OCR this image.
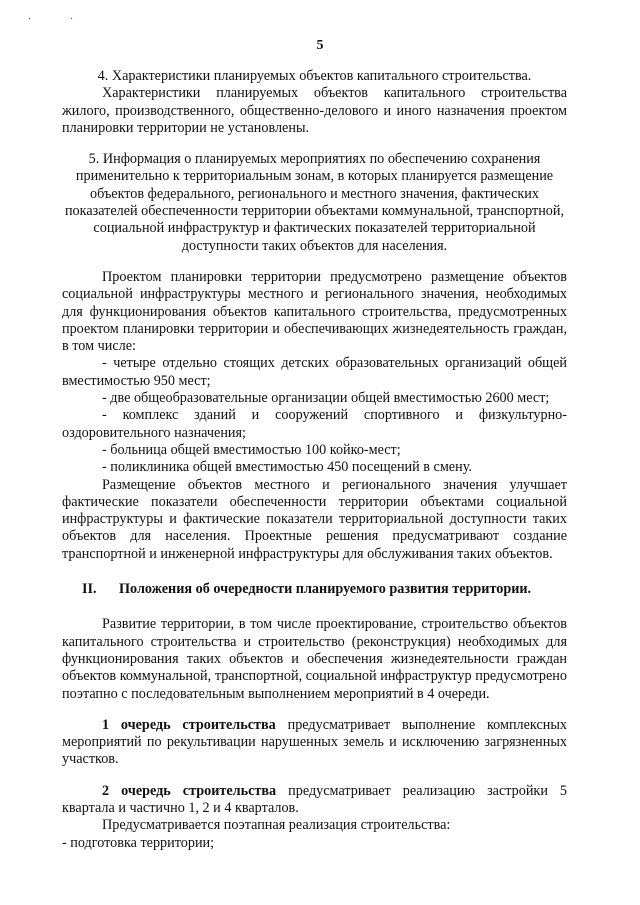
· ·
5

4. Характеристики планируемых объектов капитального строительства.

Характеристики планируемых объектов капитального строительства жилого, производственного, общественно-делового и иного назначения проектом планировки территории не установлены.

5. Информация о планируемых мероприятиях по обеспечению сохранения применительно к территориальным зонам, в которых планируется размещение объектов федерального, регионального и местного значения, фактических показателей обеспеченности территории объектами коммунальной, транспортной, социальной инфраструктур и фактических показателей территориальной доступности таких объектов для населения.

Проектом планировки территории предусмотрено размещение объектов социальной инфраструктуры местного и регионального значения, необходимых для функционирования объектов капитального строительства, предусмотренных проектом планировки территории и обеспечивающих жизнедеятельность граждан, в том числе:

- четыре отдельно стоящих детских образовательных организаций общей вместимостью 950 мест;

- две общеобразовательные организации общей вместимостью 2600 мест;

- комплекс зданий и сооружений спортивного и физкультурно-оздоровительного назначения;

- больница общей вместимостью 100 койко-мест;

- поликлиника общей вместимостью 450 посещений в смену.

Размещение объектов местного и регионального значения улучшает фактические показатели обеспеченности территории объектами социальной инфраструктуры и фактические показатели территориальной доступности таких объектов для населения. Проектные решения предусматривают создание транспортной и инженерной инфраструктуры для обслуживания таких объектов.

II.	Положения об очередности планируемого развития территории.

Развитие территории, в том числе проектирование, строительство объектов капитального строительства и строительство (реконструкция) необходимых для функционирования таких объектов и обеспечения жизнедеятельности граждан объектов коммунальной, транспортной, социальной инфраструктур предусмотрено поэтапно с последовательным выполнением мероприятий в 4 очереди.

1 очередь строительства предусматривает выполнение комплексных мероприятий по рекультивации нарушенных земель и исключению загрязненных участков.

2 очередь строительства предусматривает реализацию застройки 5 квартала и частично 1, 2 и 4 кварталов.

Предусматривается поэтапная реализация строительства:

- подготовка территории;
